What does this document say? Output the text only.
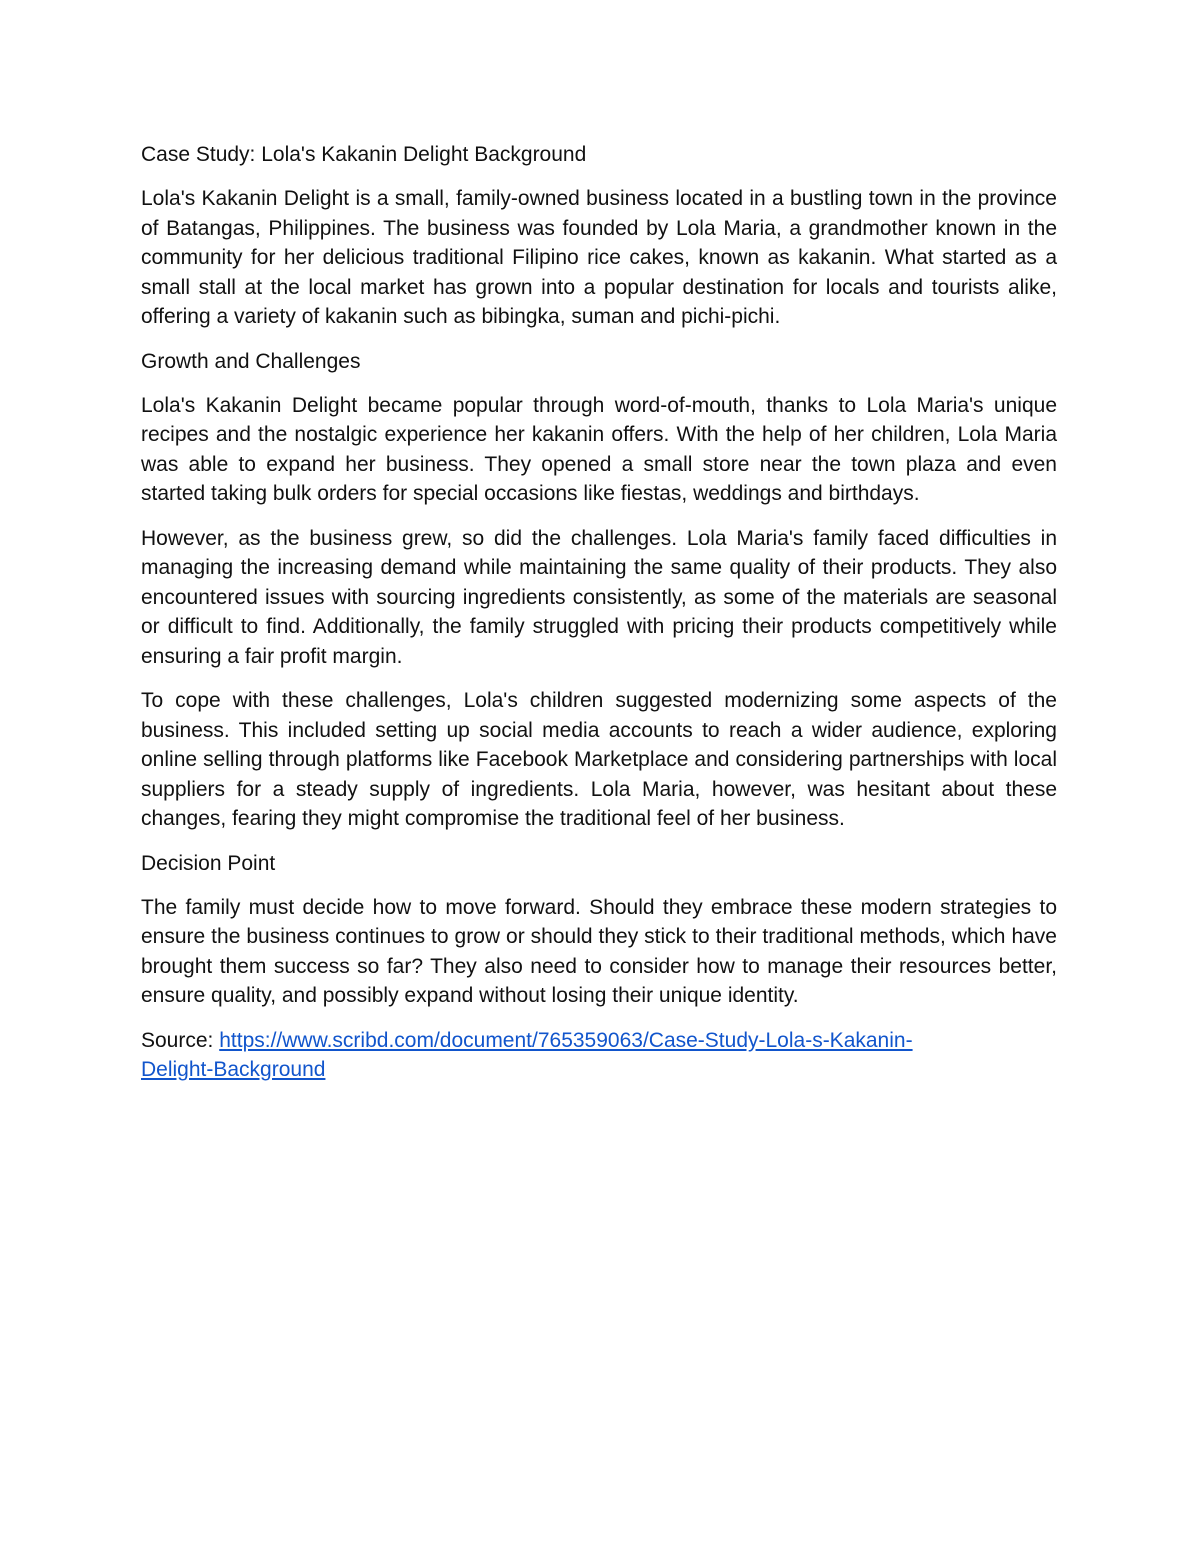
Case Study: Lola's Kakanin Delight Background

Lola's Kakanin Delight is a small, family-owned business located in a bustling town in the province of Batangas, Philippines. The business was founded by Lola Maria, a grandmother known in the community for her delicious traditional Filipino rice cakes, known as kakanin. What started as a small stall at the local market has grown into a popular destination for locals and tourists alike, offering a variety of kakanin such as bibingka, suman and pichi-pichi.

Growth and Challenges

Lola's Kakanin Delight became popular through word-of-mouth, thanks to Lola Maria's unique recipes and the nostalgic experience her kakanin offers. With the help of her children, Lola Maria was able to expand her business. They opened a small store near the town plaza and even started taking bulk orders for special occasions like fiestas, weddings and birthdays.

However, as the business grew, so did the challenges. Lola Maria's family faced difficulties in managing the increasing demand while maintaining the same quality of their products. They also encountered issues with sourcing ingredients consistently, as some of the materials are seasonal or difficult to find. Additionally, the family struggled with pricing their products competitively while ensuring a fair profit margin.

To cope with these challenges, Lola's children suggested modernizing some aspects of the business. This included setting up social media accounts to reach a wider audience, exploring online selling through platforms like Facebook Marketplace and considering partnerships with local suppliers for a steady supply of ingredients. Lola Maria, however, was hesitant about these changes, fearing they might compromise the traditional feel of her business.

Decision Point

The family must decide how to move forward. Should they embrace these modern strategies to ensure the business continues to grow or should they stick to their traditional methods, which have brought them success so far? They also need to consider how to manage their resources better, ensure quality, and possibly expand without losing their unique identity.

Source: https://www.scribd.com/document/765359063/Case-Study-Lola-s-Kakanin-
Delight-Background
